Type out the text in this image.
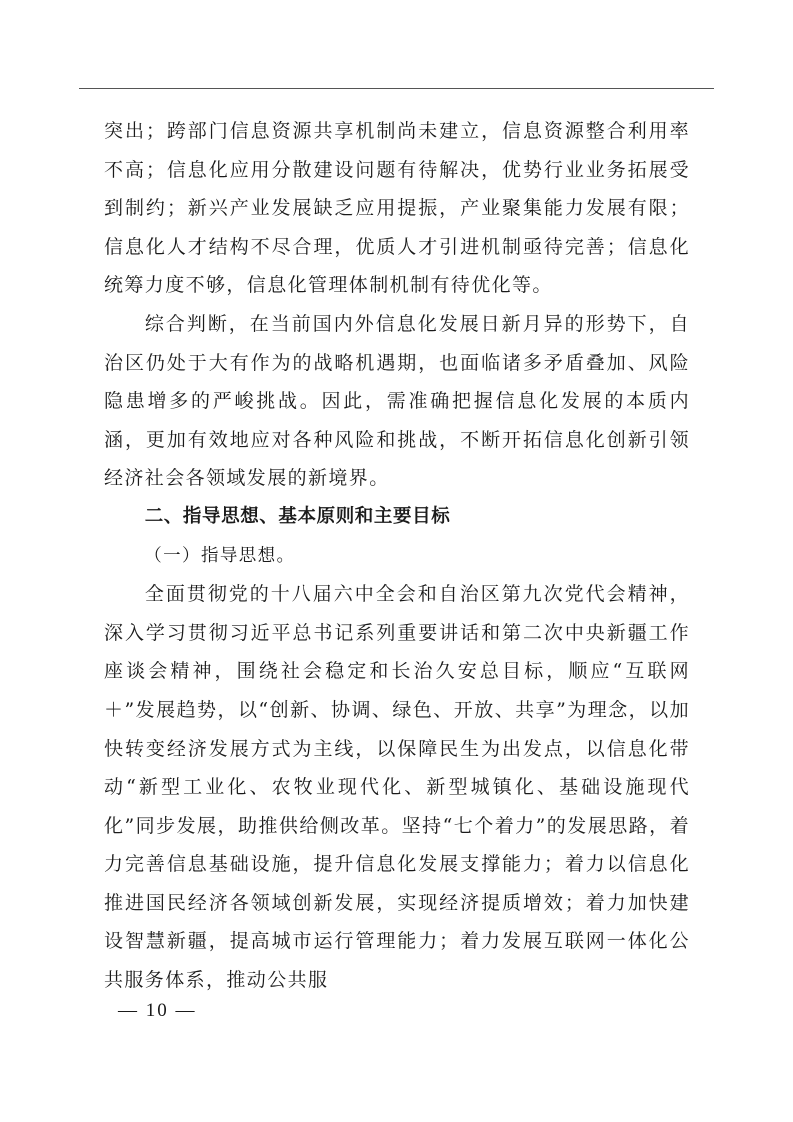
突出；跨部门信息资源共享机制尚未建立，信息资源整合利用率不高；信息化应用分散建设问题有待解决，优势行业业务拓展受到制约；新兴产业发展缺乏应用提振，产业聚集能力发展有限；信息化人才结构不尽合理，优质人才引进机制亟待完善；信息化统筹力度不够，信息化管理体制机制有待优化等。

综合判断，在当前国内外信息化发展日新月异的形势下，自治区仍处于大有作为的战略机遇期，也面临诸多矛盾叠加、风险隐患增多的严峻挑战。因此，需准确把握信息化发展的本质内涵，更加有效地应对各种风险和挑战，不断开拓信息化创新引领经济社会各领域发展的新境界。

二、指导思想、基本原则和主要目标

（一）指导思想。

全面贯彻党的十八届六中全会和自治区第九次党代会精神，深入学习贯彻习近平总书记系列重要讲话和第二次中央新疆工作座谈会精神，围绕社会稳定和长治久安总目标，顺应“互联网＋”发展趋势，以“创新、协调、绿色、开放、共享”为理念，以加快转变经济发展方式为主线，以保障民生为出发点，以信息化带动“新型工业化、农牧业现代化、新型城镇化、基础设施现代化”同步发展，助推供给侧改革。坚持“七个着力”的发展思路，着力完善信息基础设施，提升信息化发展支撑能力；着力以信息化推进国民经济各领域创新发展，实现经济提质增效；着力加快建设智慧新疆，提高城市运行管理能力；着力发展互联网一体化公共服务体系，推动公共服

— 10 —
